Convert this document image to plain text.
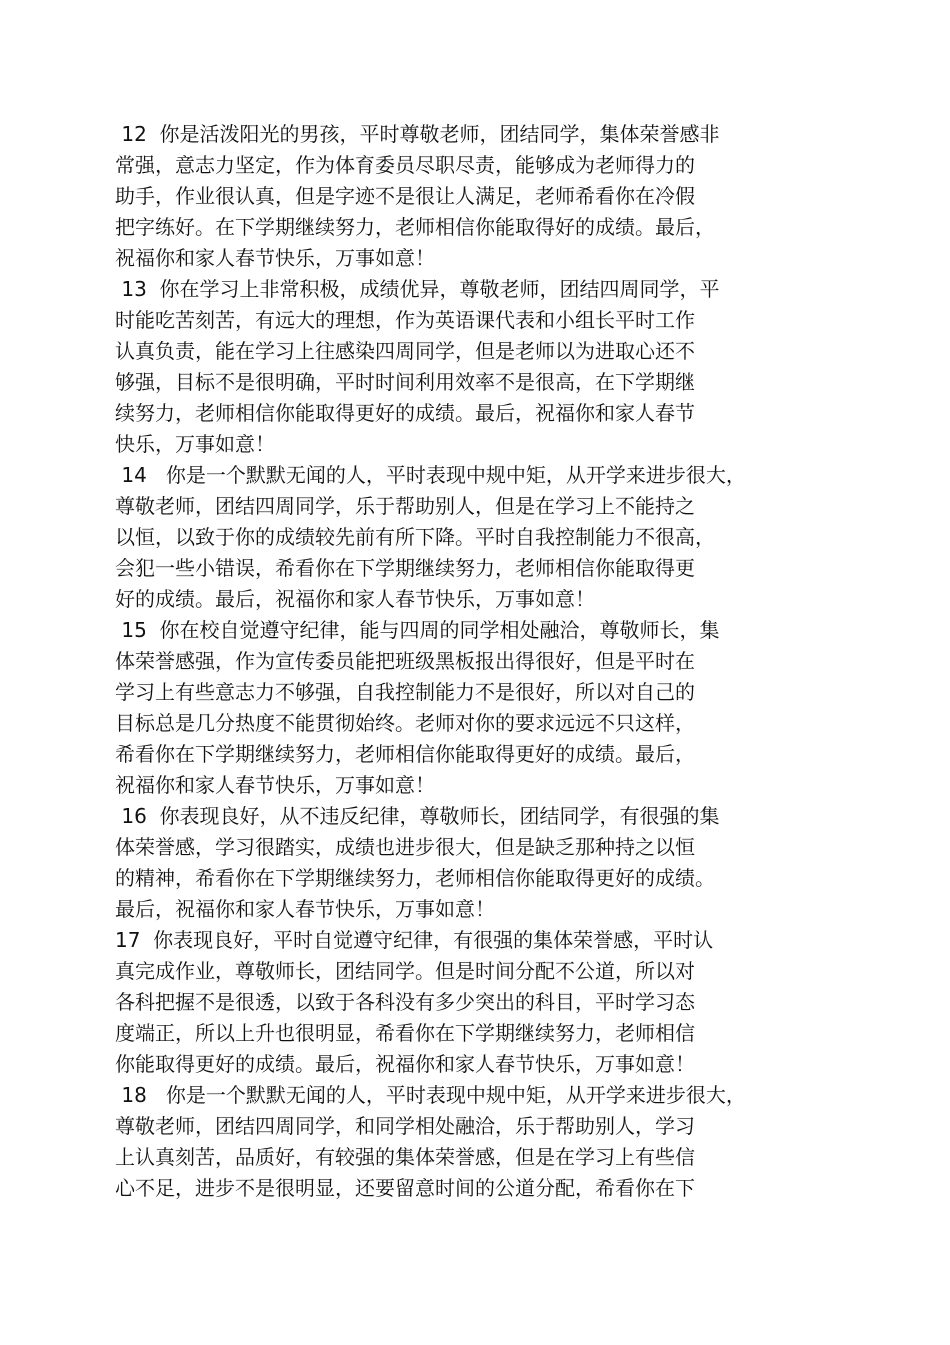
12  你是活泼阳光的男孩，平时尊敬老师，团结同学，集体荣誉感非

常强，意志力坚定，作为体育委员尽职尽责，能够成为老师得力的

助手，作业很认真，但是字迹不是很让人满足，老师希看你在冷假

把字练好。在下学期继续努力，老师相信你能取得好的成绩。最后，

祝福你和家人春节快乐，万事如意！

13  你在学习上非常积极，成绩优异，尊敬老师，团结四周同学，平

时能吃苦刻苦，有远大的理想，作为英语课代表和小组长平时工作

认真负责，能在学习上往感染四周同学，但是老师以为进取心还不

够强，目标不是很明确，平时时间利用效率不是很高，在下学期继

续努力，老师相信你能取得更好的成绩。最后，祝福你和家人春节

快乐，万事如意！

14   你是一个默默无闻的人，平时表现中规中矩，从开学来进步很大，

尊敬老师，团结四周同学，乐于帮助别人，但是在学习上不能持之

以恒，以致于你的成绩较先前有所下降。平时自我控制能力不很高，

会犯一些小错误，希看你在下学期继续努力，老师相信你能取得更

好的成绩。最后，祝福你和家人春节快乐，万事如意！

15  你在校自觉遵守纪律，能与四周的同学相处融洽，尊敬师长，集

体荣誉感强，作为宣传委员能把班级黑板报出得很好，但是平时在

学习上有些意志力不够强，自我控制能力不是很好，所以对自己的

目标总是几分热度不能贯彻始终。老师对你的要求远远不只这样，

希看你在下学期继续努力，老师相信你能取得更好的成绩。最后，

祝福你和家人春节快乐，万事如意！

16  你表现良好，从不违反纪律，尊敬师长，团结同学，有很强的集

体荣誉感，学习很踏实，成绩也进步很大，但是缺乏那种持之以恒

的精神，希看你在下学期继续努力，老师相信你能取得更好的成绩。

最后，祝福你和家人春节快乐，万事如意！

17  你表现良好，平时自觉遵守纪律，有很强的集体荣誉感，平时认

真完成作业，尊敬师长，团结同学。但是时间分配不公道，所以对

各科把握不是很透，以致于各科没有多少突出的科目，平时学习态

度端正，所以上升也很明显，希看你在下学期继续努力，老师相信

你能取得更好的成绩。最后，祝福你和家人春节快乐，万事如意！

18   你是一个默默无闻的人，平时表现中规中矩，从开学来进步很大，

尊敬老师，团结四周同学，和同学相处融洽，乐于帮助别人，学习

上认真刻苦，品质好，有较强的集体荣誉感，但是在学习上有些信

心不足，进步不是很明显，还要留意时间的公道分配，希看你在下
